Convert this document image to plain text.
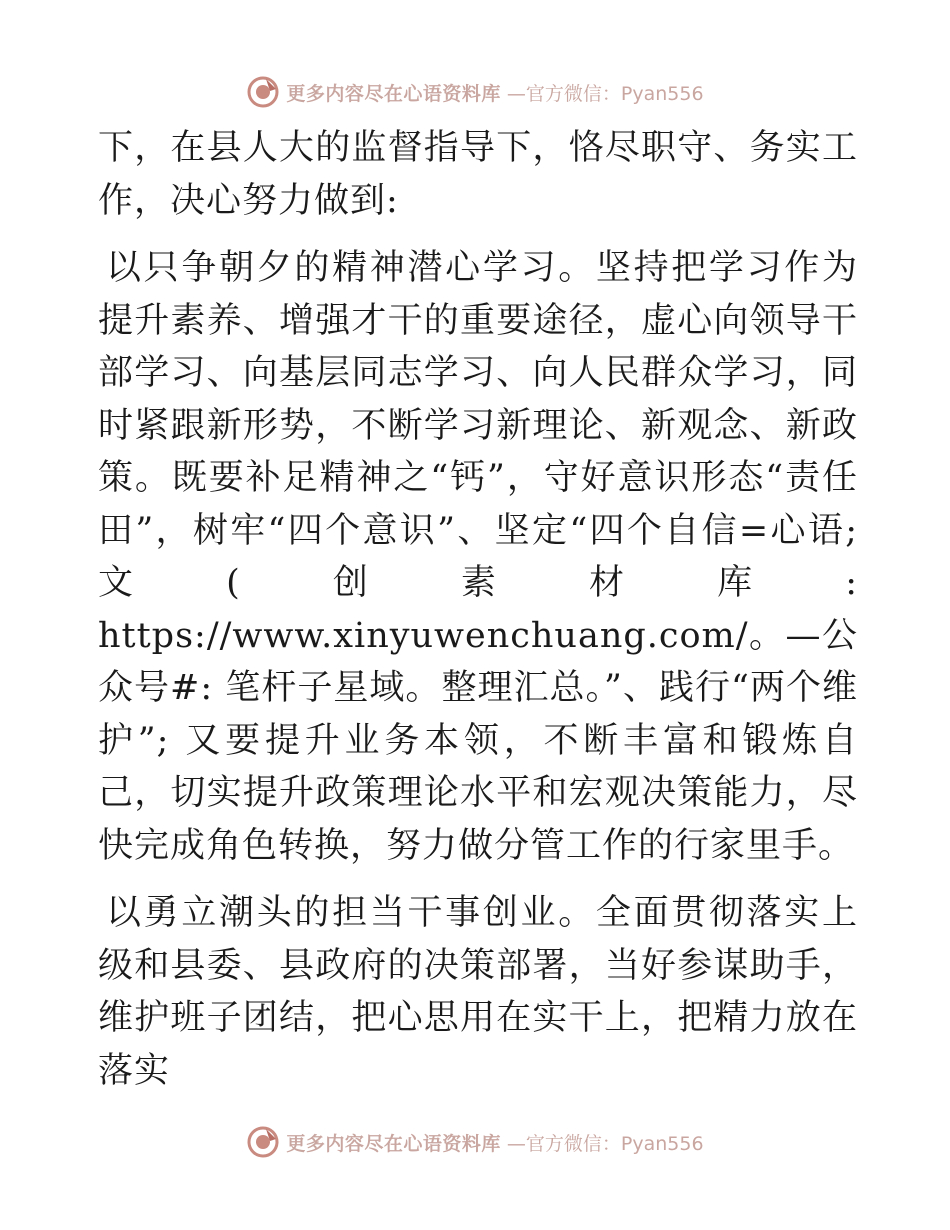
更多内容尽在心语资料库 —官方微信：Pyan556

下，在县人大的监督指导下，恪尽职守、务实工作，决心努力做到:

以只争朝夕的精神潜心学习。坚持把学习作为提升素养、增强才干的重要途径，虚心向领导干部学习、向基层同志学习、向人民群众学习，同时紧跟新形势，不断学习新理论、新观念、新政策。既要补足精神之“钙”，守好意识形态“责任田”，树牢“四个意识”、坚定“四个自信=心语;文(创素材库: https://www.xinyuwenchuang.com/。—公众号#: 笔杆子星域。整理汇总。”、践行“两个维护”; 又要提升业务本领，不断丰富和锻炼自己，切实提升政策理论水平和宏观决策能力，尽快完成角色转换，努力做分管工作的行家里手。

以勇立潮头的担当干事创业。全面贯彻落实上级和县委、县政府的决策部署，当好参谋助手，维护班子团结，把心思用在实干上，把精力放在落实

更多内容尽在心语资料库 —官方微信：Pyan556
